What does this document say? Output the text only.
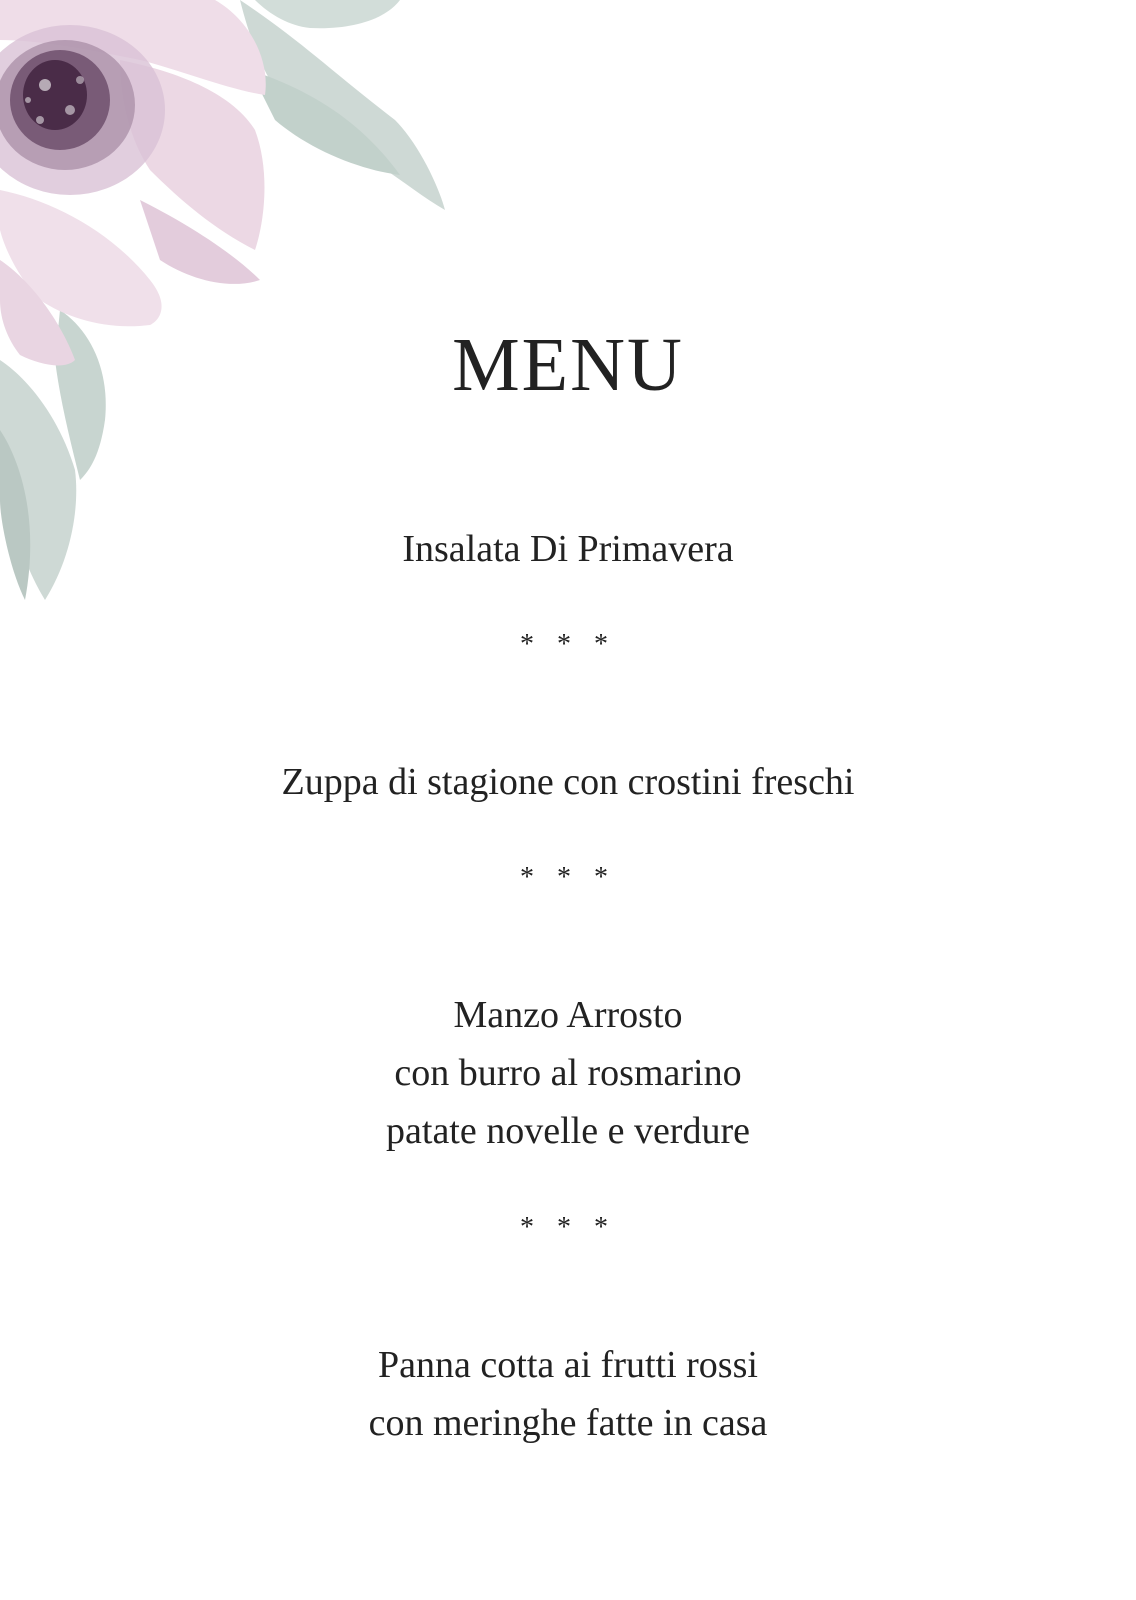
MENU
Insalata Di Primavera
* * *
Zuppa di stagione con crostini freschi
* * *
Manzo Arrosto
con burro al rosmarino
patate novelle e verdure
* * *
Panna cotta ai frutti rossi
con meringhe fatte in casa
